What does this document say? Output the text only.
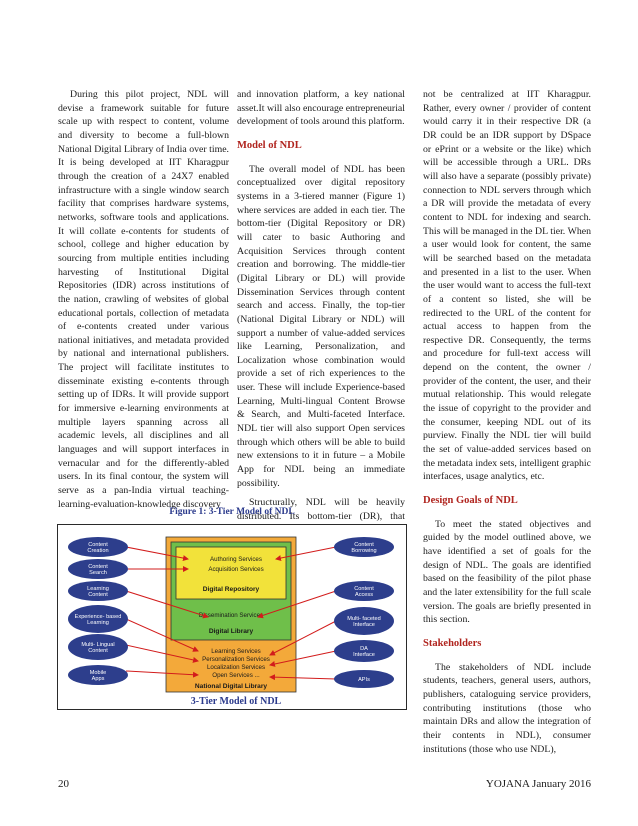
During this pilot project, NDL will devise a framework suitable for future scale up with respect to content, volume and diversity to become a full-blown National Digital Library of India over time. It is being developed at IIT Kharagpur through the creation of a 24X7 enabled infrastructure with a single window search facility that comprises hardware systems, networks, software tools and applications. It will collate e-contents for students of school, college and higher education by sourcing from multiple entities including harvesting of Institutional Digital Repositories (IDR) across institutions of the nation, crawling of websites of global educational portals, collection of metadata of e-contents created under various national initiatives, and metadata provided by national and international publishers. The project will facilitate institutes to disseminate existing e-contents through setting up of IDRs. It will provide support for immersive e-learning environments at multiple layers spanning across all academic levels, all disciplines and all languages and will support interfaces in vernacular and for the differently-abled users. In its final contour, the system will serve as a pan-India virtual teaching-learning-evaluation-knowledge discovery

and innovation platform, a key national asset.It will also encourage entrepreneurial development of tools around this platform.

Model of NDL

The overall model of NDL has been conceptualized over digital repository systems in a 3-tiered manner (Figure 1) where services are added in each tier. The bottom-tier (Digital Repository or DR) will cater to basic Authoring and Acquisition Services through content creation and borrowing. The middle-tier (Digital Library or DL) will provide Dissemination Services through content search and access. Finally, the top-tier (National Digital Library or NDL) will support a number of value-added services like Learning, Personalization, and Localization whose combination would provide a set of rich experiences to the user. These will include Experience-based Learning, Multi-lingual Content Browse & Search, and Multi-faceted Interface. NDL tier will also support Open services through which others will be able to build new extensions to it in future – a Mobile App for NDL being an immediate possibility.

Structurally, NDL will be heavily distributed. Its bottom-tier (DR), that

not be centralized at IIT Kharagpur. Rather, every owner / provider of content would carry it in their respective DR (a DR could be an IDR support by DSpace or ePrint or a website or the like) which will be accessible through a URL. DRs will also have a separate (possibly private) connection to NDL servers through which a DR will provide the metadata of every content to NDL for indexing and search. This will be managed in the DL tier. When a user would look for content, the same will be searched based on the metadata and presented in a list to the user. When the user would want to access the full-text of a content so listed, she will be redirected to the URL of the content for actual access to happen from the respective DR. Consequently, the terms and procedure for full-text access will depend on the content, the owner / provider of the content, the user, and their mutual relationship. This would relegate the issue of copyright to the provider and the consumer, keeping NDL out of its purview. Finally the NDL tier will build the set of value-added services based on the metadata index sets, intelligent graphic interfaces, usage analytics, etc.

Design Goals of NDL

To meet the stated objectives and guided by the model outlined above, we have identified a set of goals for the design of NDL. The goals are identified based on the feasibility of the pilot phase and the later extensibility for the full scale version. The goals are briefly presented in this section.

Stakeholders

The stakeholders of NDL include students, teachers, general users, authors, publishers, cataloguing service providers, contributing institutions (those who maintain DRs and allow the integration of their contents in NDL), consumer institutions (those who use NDL),

Figure 1: 3-Tier Model of NDL
Authoring Services
Acquisition Services
Digital Repository
Dissemination Services
Digital Library
Learning Services
Personalization Services
Localization Services
Open Services ...
National Digital Library
Content Creation
Content Search
Learning Content
Experience- based Learning
Multi- Lingual Content
Mobile Apps
Content Borrowing
Content Access
Multi- faceted Interface
DA Interface
APIs
3-Tier Model of NDL
20	YOJANA January 2016
